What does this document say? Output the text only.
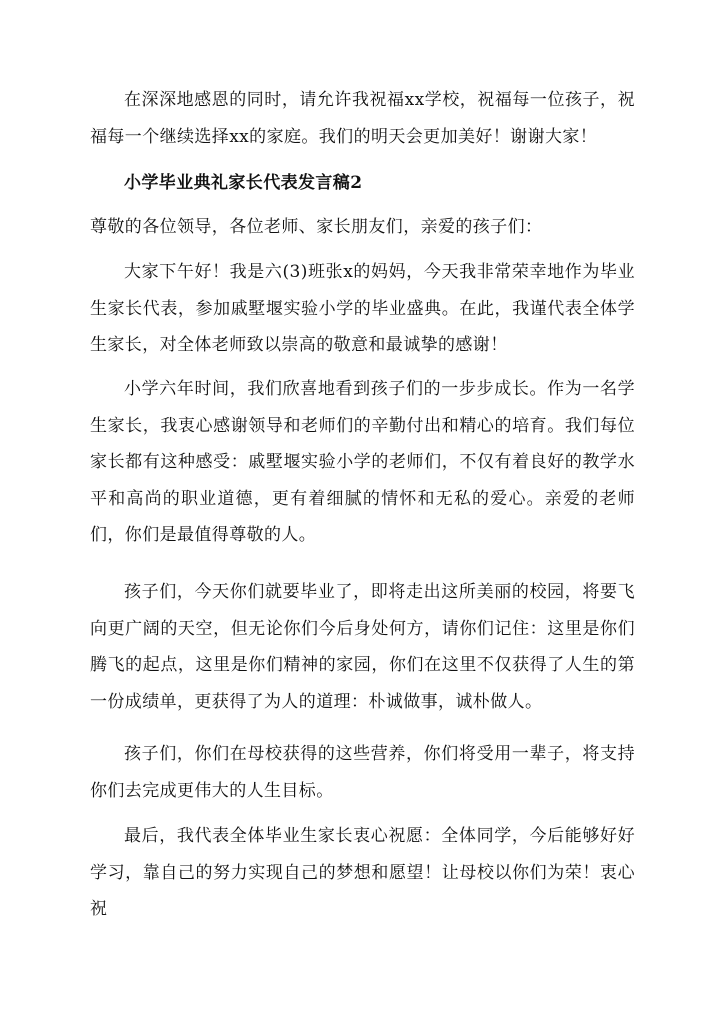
在深深地感恩的同时，请允许我祝福xx学校，祝福每一位孩子，祝福每一个继续选择xx的家庭。我们的明天会更加美好！谢谢大家！

小学毕业典礼家长代表发言稿2

尊敬的各位领导，各位老师、家长朋友们，亲爱的孩子们：

大家下午好！我是六(3)班张x的妈妈，今天我非常荣幸地作为毕业生家长代表，参加戚墅堰实验小学的毕业盛典。在此，我谨代表全体学生家长，对全体老师致以崇高的敬意和最诚挚的感谢！

小学六年时间，我们欣喜地看到孩子们的一步步成长。作为一名学生家长，我衷心感谢领导和老师们的辛勤付出和精心的培育。我们每位家长都有这种感受：戚墅堰实验小学的老师们，不仅有着良好的教学水平和高尚的职业道德，更有着细腻的情怀和无私的爱心。亲爱的老师们，你们是最值得尊敬的人。

孩子们，今天你们就要毕业了，即将走出这所美丽的校园，将要飞向更广阔的天空，但无论你们今后身处何方，请你们记住：这里是你们腾飞的起点，这里是你们精神的家园，你们在这里不仅获得了人生的第一份成绩单，更获得了为人的道理：朴诚做事，诚朴做人。

孩子们，你们在母校获得的这些营养，你们将受用一辈子，将支持你们去完成更伟大的人生目标。

最后，我代表全体毕业生家长衷心祝愿：全体同学，今后能够好好学习，靠自己的努力实现自己的梦想和愿望！让母校以你们为荣！衷心祝
